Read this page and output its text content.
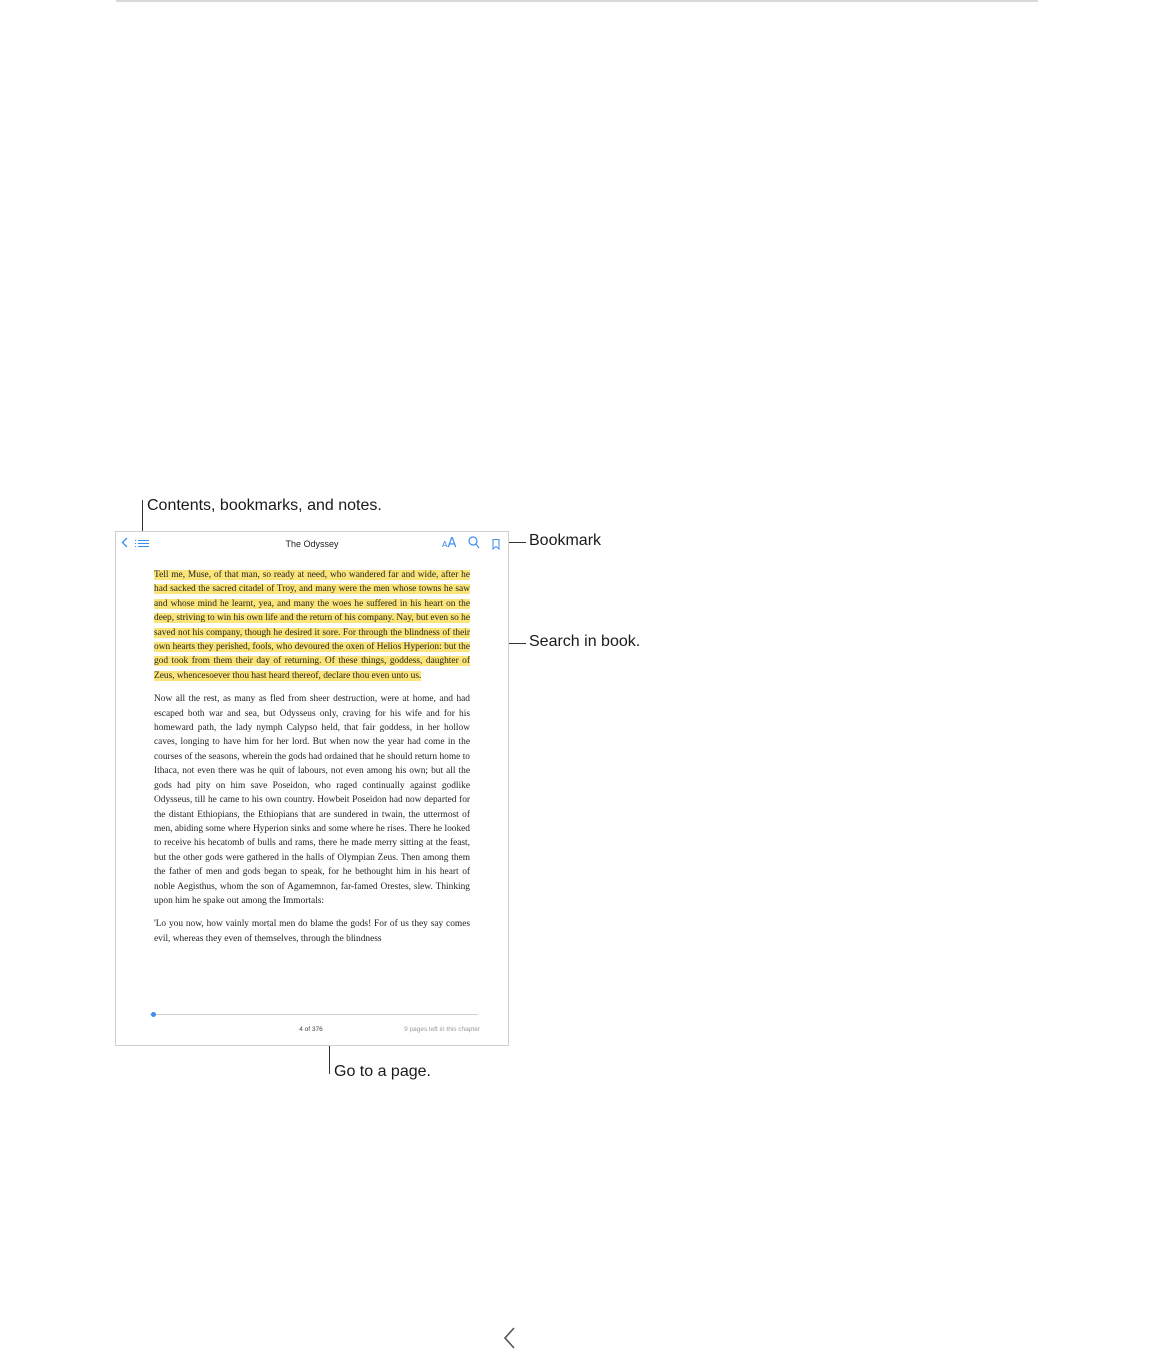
Contents, bookmarks, and notes.
Bookmark
Search in book.
Go to a page.
The Odyssey	AA

Tell me, Muse, of that man, so ready at need, who wandered far and wide, after he had sacked the sacred citadel of Troy, and many were the men whose towns he saw and whose mind he learnt, yea, and many the woes he suffered in his heart on the deep, striving to win his own life and the return of his company. Nay, but even so he saved not his company, though he desired it sore. For through the blindness of their own hearts they perished, fools, who devoured the oxen of Helios Hyperion: but the god took from them their day of returning. Of these things, goddess, daughter of Zeus, whencesoever thou hast heard thereof, declare thou even unto us.

Now all the rest, as many as fled from sheer destruction, were at home, and had escaped both war and sea, but Odysseus only, craving for his wife and for his homeward path, the lady nymph Calypso held, that fair goddess, in her hollow caves, longing to have him for her lord. But when now the year had come in the courses of the seasons, wherein the gods had ordained that he should return home to Ithaca, not even there was he quit of labours, not even among his own; but all the gods had pity on him save Poseidon, who raged continually against godlike Odysseus, till he came to his own country. Howbeit Poseidon had now departed for the distant Ethiopians, the Ethiopians that are sundered in twain, the uttermost of men, abiding some where Hyperion sinks and some where he rises. There he looked to receive his hecatomb of bulls and rams, there he made merry sitting at the feast, but the other gods were gathered in the halls of Olympian Zeus. Then among them the father of men and gods began to speak, for he bethought him in his heart of noble Aegisthus, whom the son of Agamemnon, far-famed Orestes, slew. Thinking upon him he spake out among the Immortals:

'Lo you now, how vainly mortal men do blame the gods! For of us they say comes evil, whereas they even of themselves, through the blindness

4 of 376	9 pages left in this chapter
